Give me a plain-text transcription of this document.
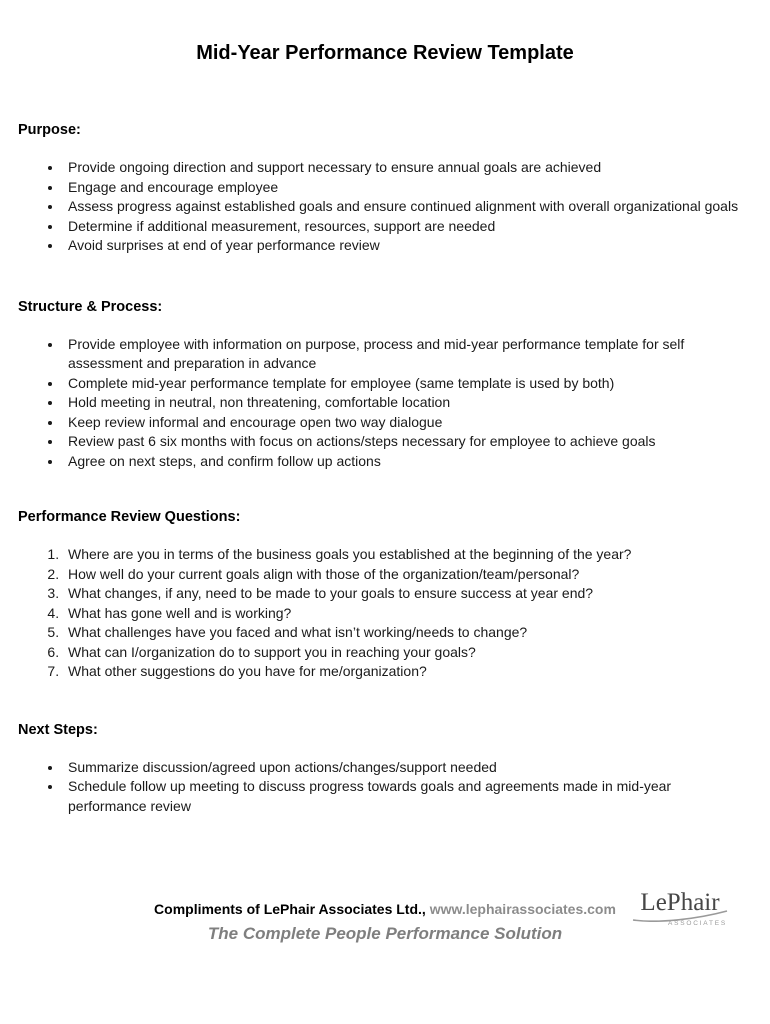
Mid-Year Performance Review Template
Purpose:
• Provide ongoing direction and support necessary to ensure annual goals are achieved
• Engage and encourage employee
• Assess progress against established goals and ensure continued alignment with overall organizational goals
• Determine if additional measurement, resources, support are needed
• Avoid surprises at end of year performance review
Structure & Process:
• Provide employee with information on purpose, process and mid-year performance template for self assessment and preparation in advance
• Complete mid-year performance template for employee (same template is used by both)
• Hold meeting in neutral, non threatening, comfortable location
• Keep review informal and encourage open two way dialogue
• Review past 6 six months with focus on actions/steps necessary for employee to achieve goals
• Agree on next steps, and confirm follow up actions
Performance Review Questions:
1. Where are you in terms of the business goals you established at the beginning of the year?
2. How well do your current goals align with those of the organization/team/personal?
3. What changes, if any, need to be made to your goals to ensure success at year end?
4. What has gone well and is working?
5. What challenges have you faced and what isn’t working/needs to change?
6. What can I/organization do to support you in reaching your goals?
7. What other suggestions do you have for me/organization?
Next Steps:
• Summarize discussion/agreed upon actions/changes/support needed
• Schedule follow up meeting to discuss progress towards goals and agreements made in mid-year performance review
Compliments of LePhair Associates Ltd., www.lephairassociates.com
The Complete People Performance Solution
LePhair
ASSOCIATES
